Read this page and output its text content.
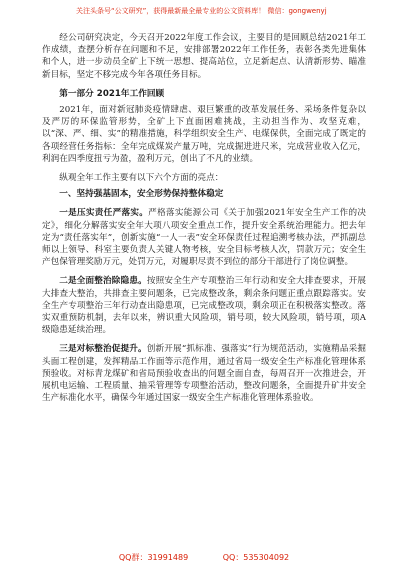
关注头条号“公文研究”，获得最新最全最专业的公文资料库！ 微信：gongwenyj

经公司研究决定，今天召开2022年度工作会议，主要目的是回顾总结2021年工作成绩，查摆分析存在问题和不足，安排部署2022年工作任务，表彰各类先进集体和个人，进一步动员全矿上下统一思想、提高站位，立足新起点、认清新形势、瞄准新目标，坚定不移完成今年各项任务目标。

第一部分 2021年工作回顾

2021年，面对新冠肺炎疫情肆虐、艰巨繁重的改革发展任务、采场条件复杂以及严厉的环保监管形势，全矿上下直面困难挑战，主动担当作为、攻坚克难，以“深、严、细、实”的精准措施，科学组织安全生产、电煤保供，全面完成了既定的各项经营任务指标：全年完成煤炭产量万吨，完成掘进进尺米，完成营业收入亿元，利润在四季度扭亏为盈，盈利万元，创出了不凡的业绩。

纵观全年工作主要有以下六个方面的亮点：

一、坚持强基固本，安全形势保持整体稳定

一是压实责任严落实。严格落实能源公司《关于加强2021年安全生产工作的决定》，细化分解落实安全年大项八项安全重点工作，提升安全系统治理能力。把去年定为“责任落实年”，创新实施“一人一表”安全环保责任过程追溯考核办法，严抓副总师以上领导、科室主要负责人关键人物考核，安全目标考核人次，罚款万元；安全生产包保管理奖励万元，处罚万元，对履职尽责不到位的部分干部进行了岗位调整。

二是全面整治除隐患。按照安全生产专项整治三年行动和安全大排查要求，开展大排查大整治，共排查主要问题条，已完成整改条，剩余条问题正重点跟踪落实。安全生产专项整治三年行动查出隐患项，已完成整改项，剩余项正在积极落实整改。落实双重预防机制，去年以来，辨识重大风险项，销号项，较大风险项，销号项，项A级隐患延续治理。

三是对标整治促提升。创新开展“抓标准、强落实”行为规范活动，实施精品采掘头面工程创建，发挥精品工作面等示范作用，通过省局一级安全生产标准化管理体系预验收。对标青龙煤矿和省局预验收查出的问题全面自查，每周召开一次推进会，开展机电运输、工程质量、抽采管理等专项整治活动，整改问题条，全面提升矿井安全生产标准化水平，确保今年通过国家一级安全生产标准化管理体系验收。

QQ群：31991489	QQ：535304092
